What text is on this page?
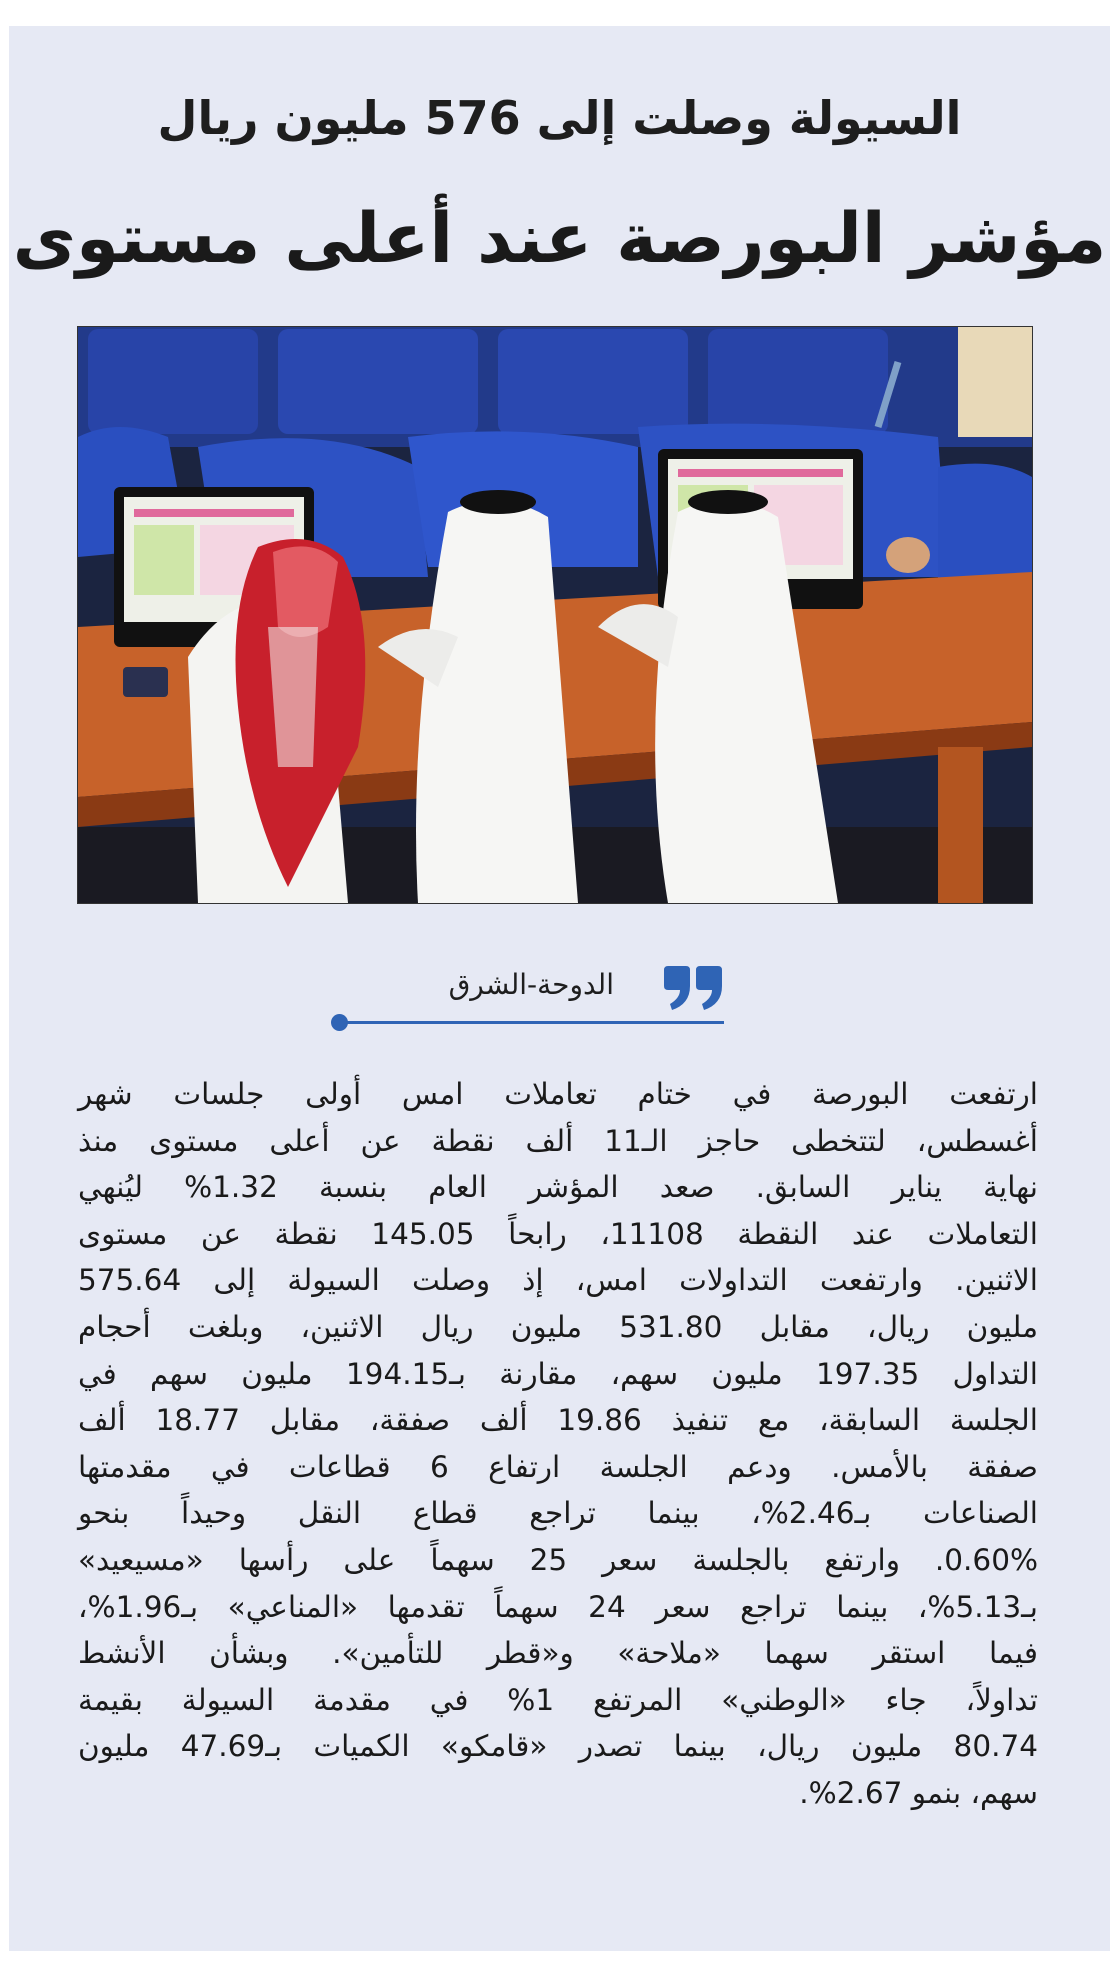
السيولة وصلت إلى 576 مليون ريال
مؤشر البورصة عند أعلى مستوى
الدوحة-الشرق
ارتفعت البورصة في ختام تعاملات امس أولى جلسات شهر
أغسطس، لتتخطى حاجز الـ11 ألف نقطة عن أعلى مستوى منذ
نهاية يناير السابق. صعد المؤشر العام بنسبة 1.32% ليُنهي
التعاملات عند النقطة 11108، رابحاً 145.05 نقطة عن مستوى
الاثنين. وارتفعت التداولات امس، إذ وصلت السيولة إلى 575.64
مليون ريال، مقابل 531.80 مليون ريال الاثنين، وبلغت أحجام
التداول 197.35 مليون سهم، مقارنة بـ194.15 مليون سهم في
الجلسة السابقة، مع تنفيذ 19.86 ألف صفقة، مقابل 18.77 ألف
صفقة بالأمس. ودعم الجلسة ارتفاع 6 قطاعات في مقدمتها
الصناعات بـ2.46%، بينما تراجع قطاع النقل وحيداً بنحو
0.60%. وارتفع بالجلسة سعر 25 سهماً على رأسها «مسيعيد»
بـ5.13%، بينما تراجع سعر 24 سهماً تقدمها «المناعي» بـ1.96%،
فيما استقر سهما «ملاحة» و«قطر للتأمين». وبشأن الأنشط
تداولاً، جاء «الوطني» المرتفع 1% في مقدمة السيولة بقيمة
80.74 مليون ريال، بينما تصدر «قامكو» الكميات بـ47.69 مليون
سهم، بنمو 2.67%.
